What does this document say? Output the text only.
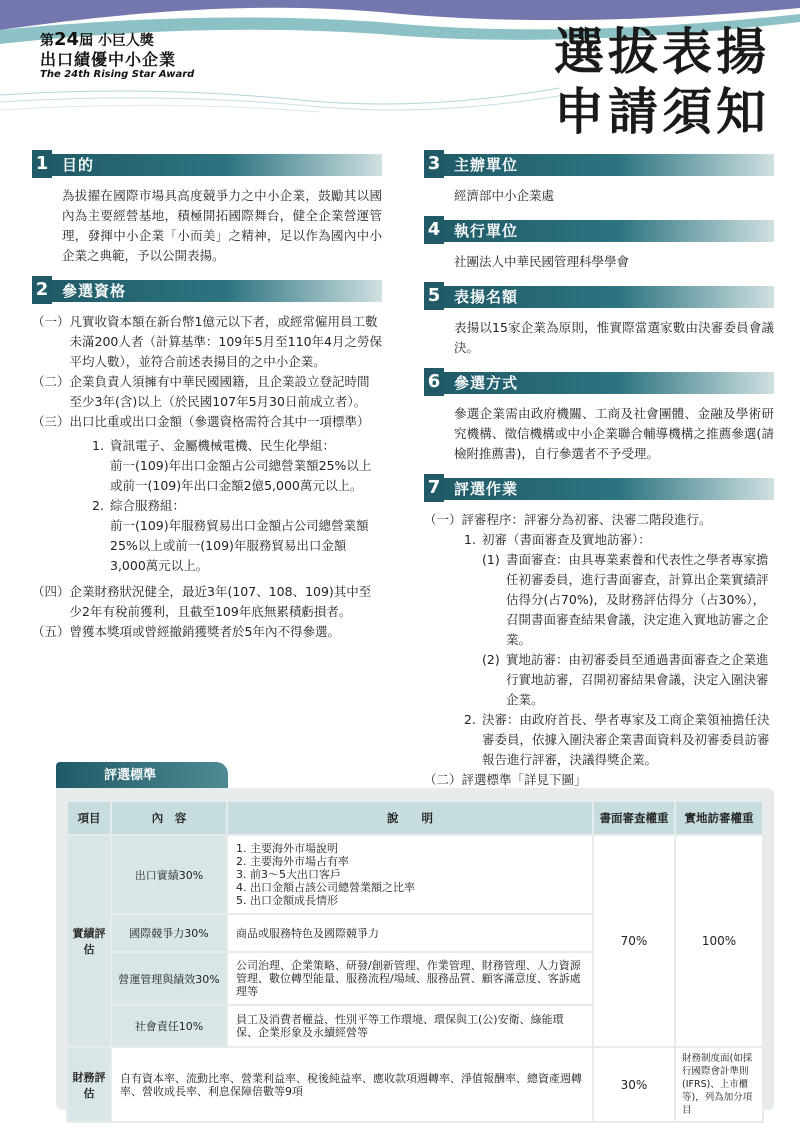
第24屆 小巨人獎
出口績優中小企業
The 24th Rising Star Award	選拔表揚
申請須知
1 目的
為拔擢在國際市場具高度競爭力之中小企業，鼓勵其以國內為主要經營基地，積極開拓國際舞台，健全企業營運管理，發揮中小企業「小而美」之精神，足以作為國內中小企業之典範，予以公開表揚。
2 參選資格
（一） 凡實收資本額在新台幣1億元以下者，或經常僱用員工數未滿200人者（計算基準：109年5月至110年4月之勞保平均人數），並符合前述表揚目的之中小企業。
（二） 企業負責人須擁有中華民國國籍，且企業設立登記時間至少3年(含)以上（於民國107年5月30日前成立者）。
（三） 出口比重或出口金額（參選資格需符合其中一項標準）
1. 資訊電子、金屬機械電機、民生化學組：
前一(109)年出口金額占公司總營業額25%以上或前一(109)年出口金額2億5,000萬元以上。
2. 綜合服務組：
前一(109)年服務貿易出口金額占公司總營業額25%以上或前一(109)年服務貿易出口金額3,000萬元以上。
（四） 企業財務狀況健全，最近3年(107、108、109)其中至少2年有稅前獲利，且截至109年底無累積虧損者。
（五） 曾獲本獎項或曾經撤銷獲獎者於5年內不得參選。
3 主辦單位
經濟部中小企業處
4 執行單位
社團法人中華民國管理科學學會
5 表揚名額
表揚以15家企業為原則，惟實際當選家數由決審委員會議決。
6 參選方式
參選企業需由政府機關、工商及社會團體、金融及學術研究機構、徵信機構或中小企業聯合輔導機構之推薦參選(請檢附推薦書)，自行參選者不予受理。
7 評選作業
（一） 評審程序：評審分為初審、決審二階段進行。
1. 初審（書面審查及實地訪審）：
(1) 書面審查：由具專業素養和代表性之學者專家擔任初審委員，進行書面審查，計算出企業實績評估得分(占70%)，及財務評估得分（占30%），召開書面審查結果會議，決定進入實地訪審之企業。
(2) 實地訪審：由初審委員至通過書面審查之企業進行實地訪審，召開初審結果會議，決定入圍決審企業。
2. 決審：由政府首長、學者專家及工商企業領袖擔任決審委員，依據入圍決審企業書面資料及初審委員訪審報告進行評審，決議得獎企業。
（二） 評選標準「詳見下圖」
評選標準
項目	內　容	說　　明	書面審查權重	實地訪審權重
實績評估	出口實績30%	1. 主要海外市場說明
2. 主要海外市場占有率
3. 前3～5大出口客戶
4. 出口金額占該公司總營業額之比率
5. 出口金額成長情形	70%	100%
	國際競爭力30%	商品或服務特色及國際競爭力		
	營運管理與績效30%	公司治理、企業策略、研發/創新管理、作業管理、財務管理、人力資源管理、數位轉型能量、服務流程/場域、服務品質、顧客滿意度、客訴處理等		
	社會責任10%	員工及消費者權益、性別平等工作環境、環保與工(公)安衛、綠能環保、企業形象及永續經營等		
財務評估	自有資本率、流動比率、營業利益率、稅後純益率、應收款項週轉率、淨值報酬率、總資產週轉率、營收成長率、利息保障倍數等9項		30%	財務制度面(如採行國際會計準則(IFRS)、上市櫃等)，列為加分項目
